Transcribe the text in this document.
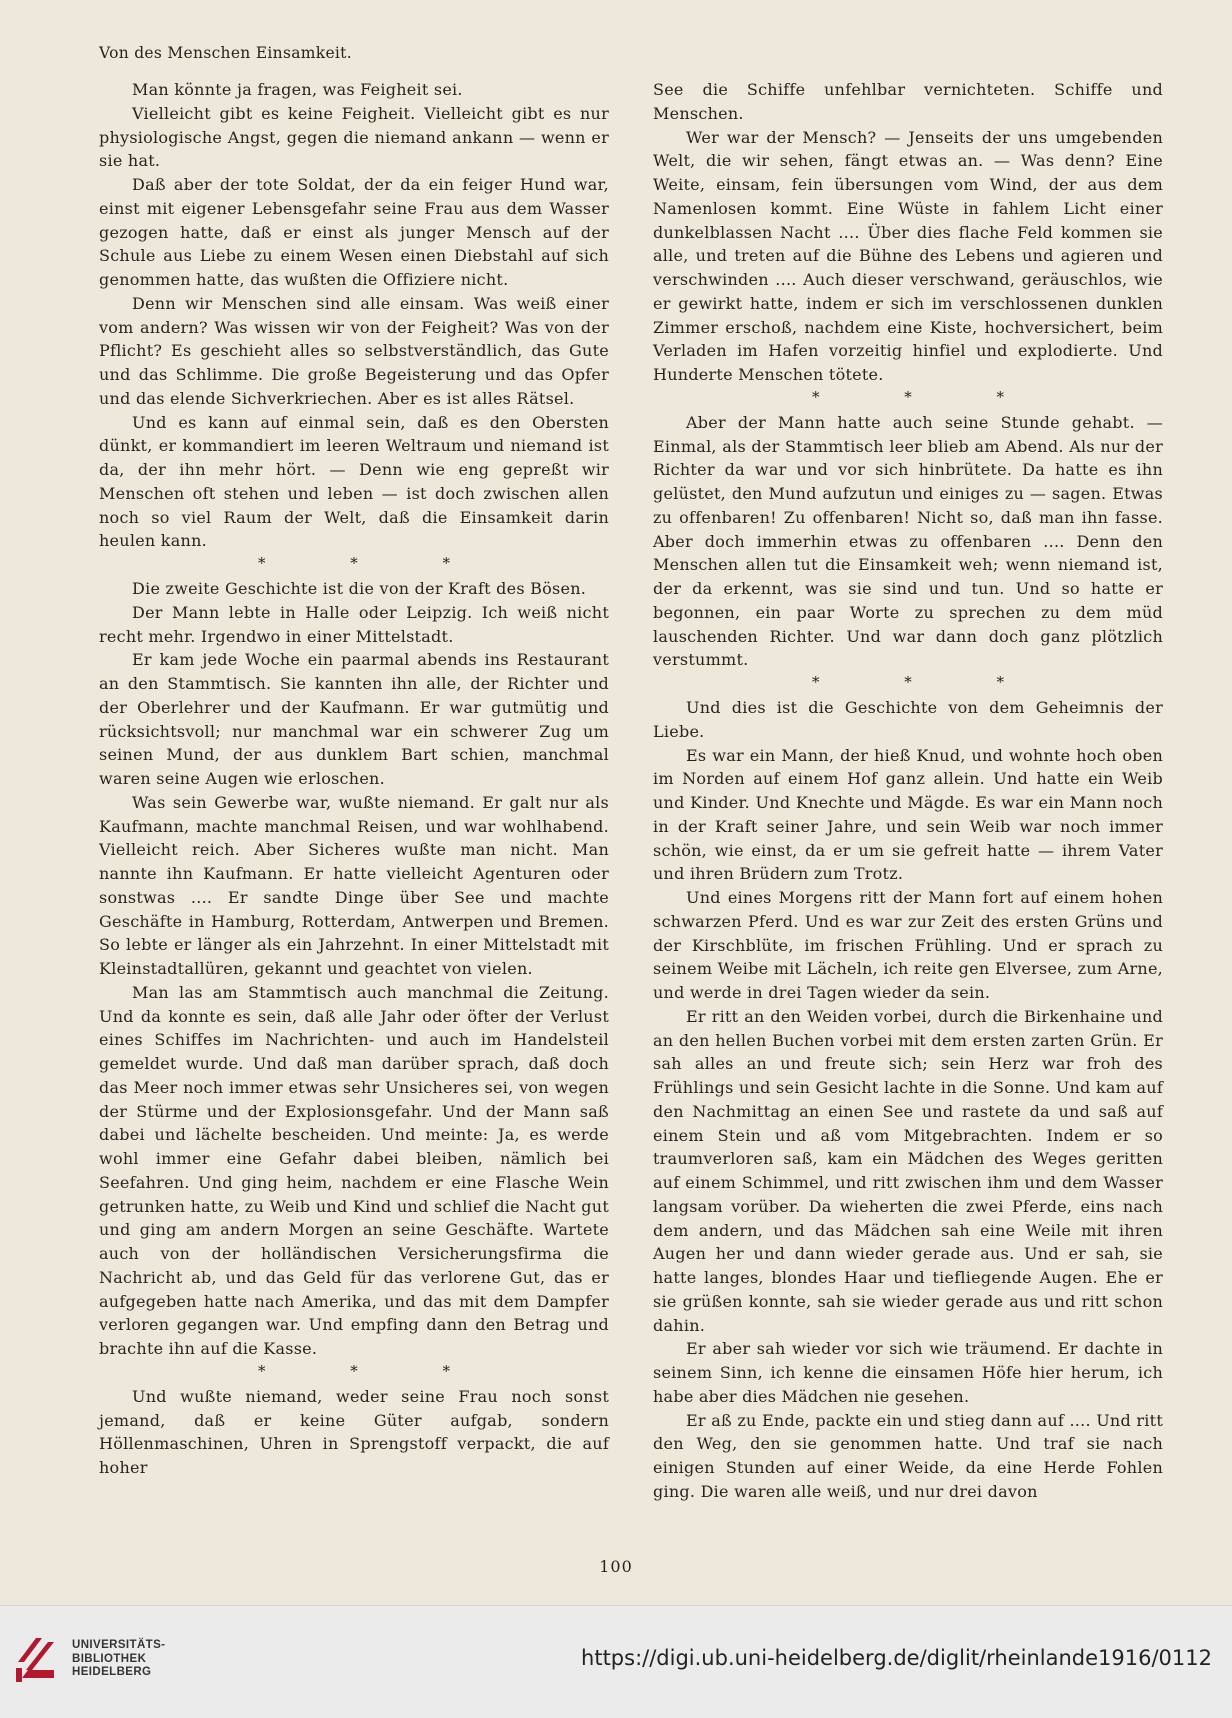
Von des Menschen Einsamkeit.

Man könnte ja fragen, was Feigheit sei.

Vielleicht gibt es keine Feigheit. Vielleicht gibt es nur physiologische Angst, gegen die niemand ankann — wenn er sie hat.

Daß aber der tote Soldat, der da ein feiger Hund war, einst mit eigener Lebensgefahr seine Frau aus dem Wasser gezogen hatte, daß er einst als junger Mensch auf der Schule aus Liebe zu einem Wesen einen Diebstahl auf sich genommen hatte, das wußten die Offiziere nicht.

Denn wir Menschen sind alle einsam. Was weiß einer vom andern? Was wissen wir von der Feigheit? Was von der Pflicht? Es geschieht alles so selbstverständlich, das Gute und das Schlimme. Die große Begeisterung und das Opfer und das elende Sichverkriechen. Aber es ist alles Rätsel.

Und es kann auf einmal sein, daß es den Obersten dünkt, er kommandiert im leeren Weltraum und niemand ist da, der ihn mehr hört. — Denn wie eng gepreßt wir Menschen oft stehen und leben — ist doch zwischen allen noch so viel Raum der Welt, daß die Einsamkeit darin heulen kann.

* * *

Die zweite Geschichte ist die von der Kraft des Bösen.

Der Mann lebte in Halle oder Leipzig. Ich weiß nicht recht mehr. Irgendwo in einer Mittelstadt.

Er kam jede Woche ein paarmal abends ins Restaurant an den Stammtisch. Sie kannten ihn alle, der Richter und der Oberlehrer und der Kaufmann. Er war gutmütig und rücksichtsvoll; nur manchmal war ein schwerer Zug um seinen Mund, der aus dunklem Bart schien, manchmal waren seine Augen wie erloschen.

Was sein Gewerbe war, wußte niemand. Er galt nur als Kaufmann, machte manchmal Reisen, und war wohlhabend. Vielleicht reich. Aber Sicheres wußte man nicht. Man nannte ihn Kaufmann. Er hatte vielleicht Agenturen oder sonstwas .... Er sandte Dinge über See und machte Geschäfte in Hamburg, Rotterdam, Antwerpen und Bremen. So lebte er länger als ein Jahrzehnt. In einer Mittelstadt mit Kleinstadtallüren, gekannt und geachtet von vielen.

Man las am Stammtisch auch manchmal die Zeitung. Und da konnte es sein, daß alle Jahr oder öfter der Verlust eines Schiffes im Nachrichten- und auch im Handelsteil gemeldet wurde. Und daß man darüber sprach, daß doch das Meer noch immer etwas sehr Unsicheres sei, von wegen der Stürme und der Explosionsgefahr. Und der Mann saß dabei und lächelte bescheiden. Und meinte: Ja, es werde wohl immer eine Gefahr dabei bleiben, nämlich bei Seefahren. Und ging heim, nachdem er eine Flasche Wein getrunken hatte, zu Weib und Kind und schlief die Nacht gut und ging am andern Morgen an seine Geschäfte. Wartete auch von der holländischen Versicherungsfirma die Nachricht ab, und das Geld für das verlorene Gut, das er aufgegeben hatte nach Amerika, und das mit dem Dampfer verloren gegangen war. Und empfing dann den Betrag und brachte ihn auf die Kasse.

* * *

Und wußte niemand, weder seine Frau noch sonst jemand, daß er keine Güter aufgab, sondern Höllenmaschinen, Uhren in Sprengstoff verpackt, die auf hoher

See die Schiffe unfehlbar vernichteten. Schiffe und Menschen.

Wer war der Mensch? — Jenseits der uns umgebenden Welt, die wir sehen, fängt etwas an. — Was denn? Eine Weite, einsam, fein übersungen vom Wind, der aus dem Namenlosen kommt. Eine Wüste in fahlem Licht einer dunkelblassen Nacht .... Über dies flache Feld kommen sie alle, und treten auf die Bühne des Lebens und agieren und verschwinden .... Auch dieser verschwand, geräuschlos, wie er gewirkt hatte, indem er sich im verschlossenen dunklen Zimmer erschoß, nachdem eine Kiste, hochversichert, beim Verladen im Hafen vorzeitig hinfiel und explodierte. Und Hunderte Menschen tötete.

* * *

Aber der Mann hatte auch seine Stunde gehabt. — Einmal, als der Stammtisch leer blieb am Abend. Als nur der Richter da war und vor sich hinbrütete. Da hatte es ihn gelüstet, den Mund aufzutun und einiges zu — sagen. Etwas zu offenbaren! Zu offenbaren! Nicht so, daß man ihn fasse. Aber doch immerhin etwas zu offenbaren .... Denn den Menschen allen tut die Einsamkeit weh; wenn niemand ist, der da erkennt, was sie sind und tun. Und so hatte er begonnen, ein paar Worte zu sprechen zu dem müd lauschenden Richter. Und war dann doch ganz plötzlich verstummt.

* * *

Und dies ist die Geschichte von dem Geheimnis der Liebe.

Es war ein Mann, der hieß Knud, und wohnte hoch oben im Norden auf einem Hof ganz allein. Und hatte ein Weib und Kinder. Und Knechte und Mägde. Es war ein Mann noch in der Kraft seiner Jahre, und sein Weib war noch immer schön, wie einst, da er um sie gefreit hatte — ihrem Vater und ihren Brüdern zum Trotz.

Und eines Morgens ritt der Mann fort auf einem hohen schwarzen Pferd. Und es war zur Zeit des ersten Grüns und der Kirschblüte, im frischen Frühling. Und er sprach zu seinem Weibe mit Lächeln, ich reite gen Elversee, zum Arne, und werde in drei Tagen wieder da sein.

Er ritt an den Weiden vorbei, durch die Birkenhaine und an den hellen Buchen vorbei mit dem ersten zarten Grün. Er sah alles an und freute sich; sein Herz war froh des Frühlings und sein Gesicht lachte in die Sonne. Und kam auf den Nachmittag an einen See und rastete da und saß auf einem Stein und aß vom Mitgebrachten. Indem er so traumverloren saß, kam ein Mädchen des Weges geritten auf einem Schimmel, und ritt zwischen ihm und dem Wasser langsam vorüber. Da wieherten die zwei Pferde, eins nach dem andern, und das Mädchen sah eine Weile mit ihren Augen her und dann wieder gerade aus. Und er sah, sie hatte langes, blondes Haar und tiefliegende Augen. Ehe er sie grüßen konnte, sah sie wieder gerade aus und ritt schon dahin.

Er aber sah wieder vor sich wie träumend. Er dachte in seinem Sinn, ich kenne die einsamen Höfe hier herum, ich habe aber dies Mädchen nie gesehen.

Er aß zu Ende, packte ein und stieg dann auf .... Und ritt den Weg, den sie genommen hatte. Und traf sie nach einigen Stunden auf einer Weide, da eine Herde Fohlen ging. Die waren alle weiß, und nur drei davon

100
UNIVERSITÄTS-
BIBLIOTHEK
HEIDELBERG
https://digi.ub.uni-heidelberg.de/diglit/rheinlande1916/0112
